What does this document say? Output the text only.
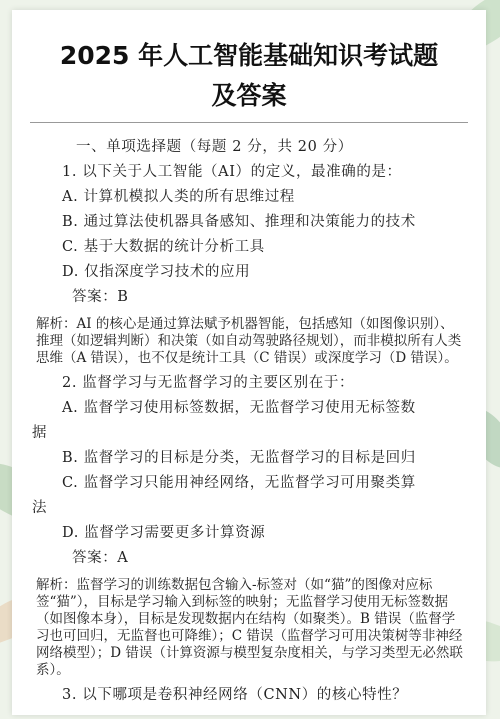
2025 年人工智能基础知识考试题
及答案

一、单项选择题（每题 2 分，共 20 分）

1. 以下关于人工智能（AI）的定义，最准确的是：

A. 计算机模拟人类的所有思维过程

B. 通过算法使机器具备感知、推理和决策能力的技术

C. 基于大数据的统计分析工具

D. 仅指深度学习技术的应用

答案：B

解析：AI 的核心是通过算法赋予机器智能，包括感知（如图像识别）、推理（如逻辑判断）和决策（如自动驾驶路径规划），而非模拟所有人类思维（A 错误），也不仅是统计工具（C 错误）或深度学习（D 错误）。

2. 监督学习与无监督学习的主要区别在于：

A. 监督学习使用标签数据，无监督学习使用无标签数

据

B. 监督学习的目标是分类，无监督学习的目标是回归

C. 监督学习只能用神经网络，无监督学习可用聚类算

法

D. 监督学习需要更多计算资源

答案：A

解析：监督学习的训练数据包含输入-标签对（如“猫”的图像对应标签“猫”），目标是学习输入到标签的映射；无监督学习使用无标签数据（如图像本身），目标是发现数据内在结构（如聚类）。B 错误（监督学习也可回归，无监督也可降维）；C 错误（监督学习可用决策树等非神经网络模型）；D 错误（计算资源与模型复杂度相关，与学习类型无必然联系）。

3. 以下哪项是卷积神经网络（CNN）的核心特性？
